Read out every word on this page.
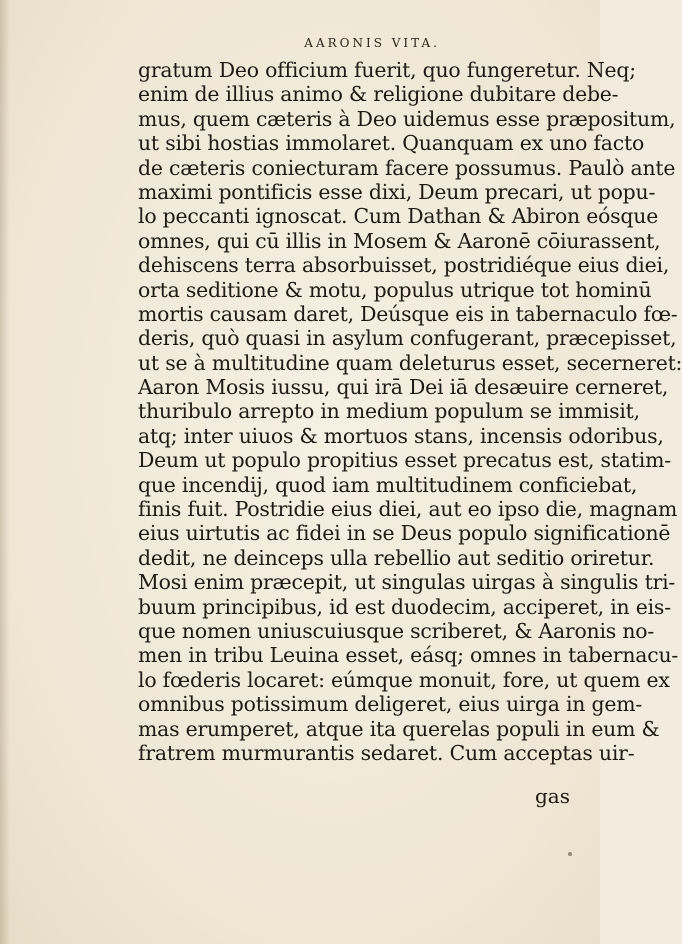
AARONIS VITA.
gratum Deo officium fuerit, quo fungeretur. Neq;
enim de illius animo & religione dubitare debe-
mus, quem cæteris à Deo uidemus esse præpositum,
ut sibi hostias immolaret. Quanquam ex uno facto
de cæteris coniecturam facere possumus. Paulò ante
maximi pontificis esse dixi, Deum precari, ut popu-
lo peccanti ignoscat. Cum Dathan & Abiron eósque
omnes, qui cū illis in Mosem & Aaronē cōiurassent,
dehiscens terra absorbuisset, postridiéque eius diei,
orta seditione & motu, populus utrique tot hominū
mortis causam daret, Deúsque eis in tabernaculo fœ-
deris, quò quasi in asylum confugerant, præcepisset,
ut se à multitudine quam deleturus esset, secerneret:
Aaron Mosis iussu, qui irā Dei iā desæuire cerneret,
thuribulo arrepto in medium populum se immisit,
atq; inter uiuos & mortuos stans, incensis odoribus,
Deum ut populo propitius esset precatus est, statim-
que incendij, quod iam multitudinem conficiebat,
finis fuit. Postridie eius diei, aut eo ipso die, magnam
eius uirtutis ac fidei in se Deus populo significationē
dedit, ne deinceps ulla rebellio aut seditio oriretur.
Mosi enim præcepit, ut singulas uirgas à singulis tri-
buum principibus, id est duodecim, acciperet, in eis-
que nomen uniuscuiusque scriberet, & Aaronis no-
men in tribu Leuina esset, eásq; omnes in tabernacu-
lo fœderis locaret: eúmque monuit, fore, ut quem ex
omnibus potissimum deligeret, eius uirga in gem-
mas erumperet, atque ita querelas populi in eum &
fratrem murmurantis sedaret. Cum acceptas uir-
gas
